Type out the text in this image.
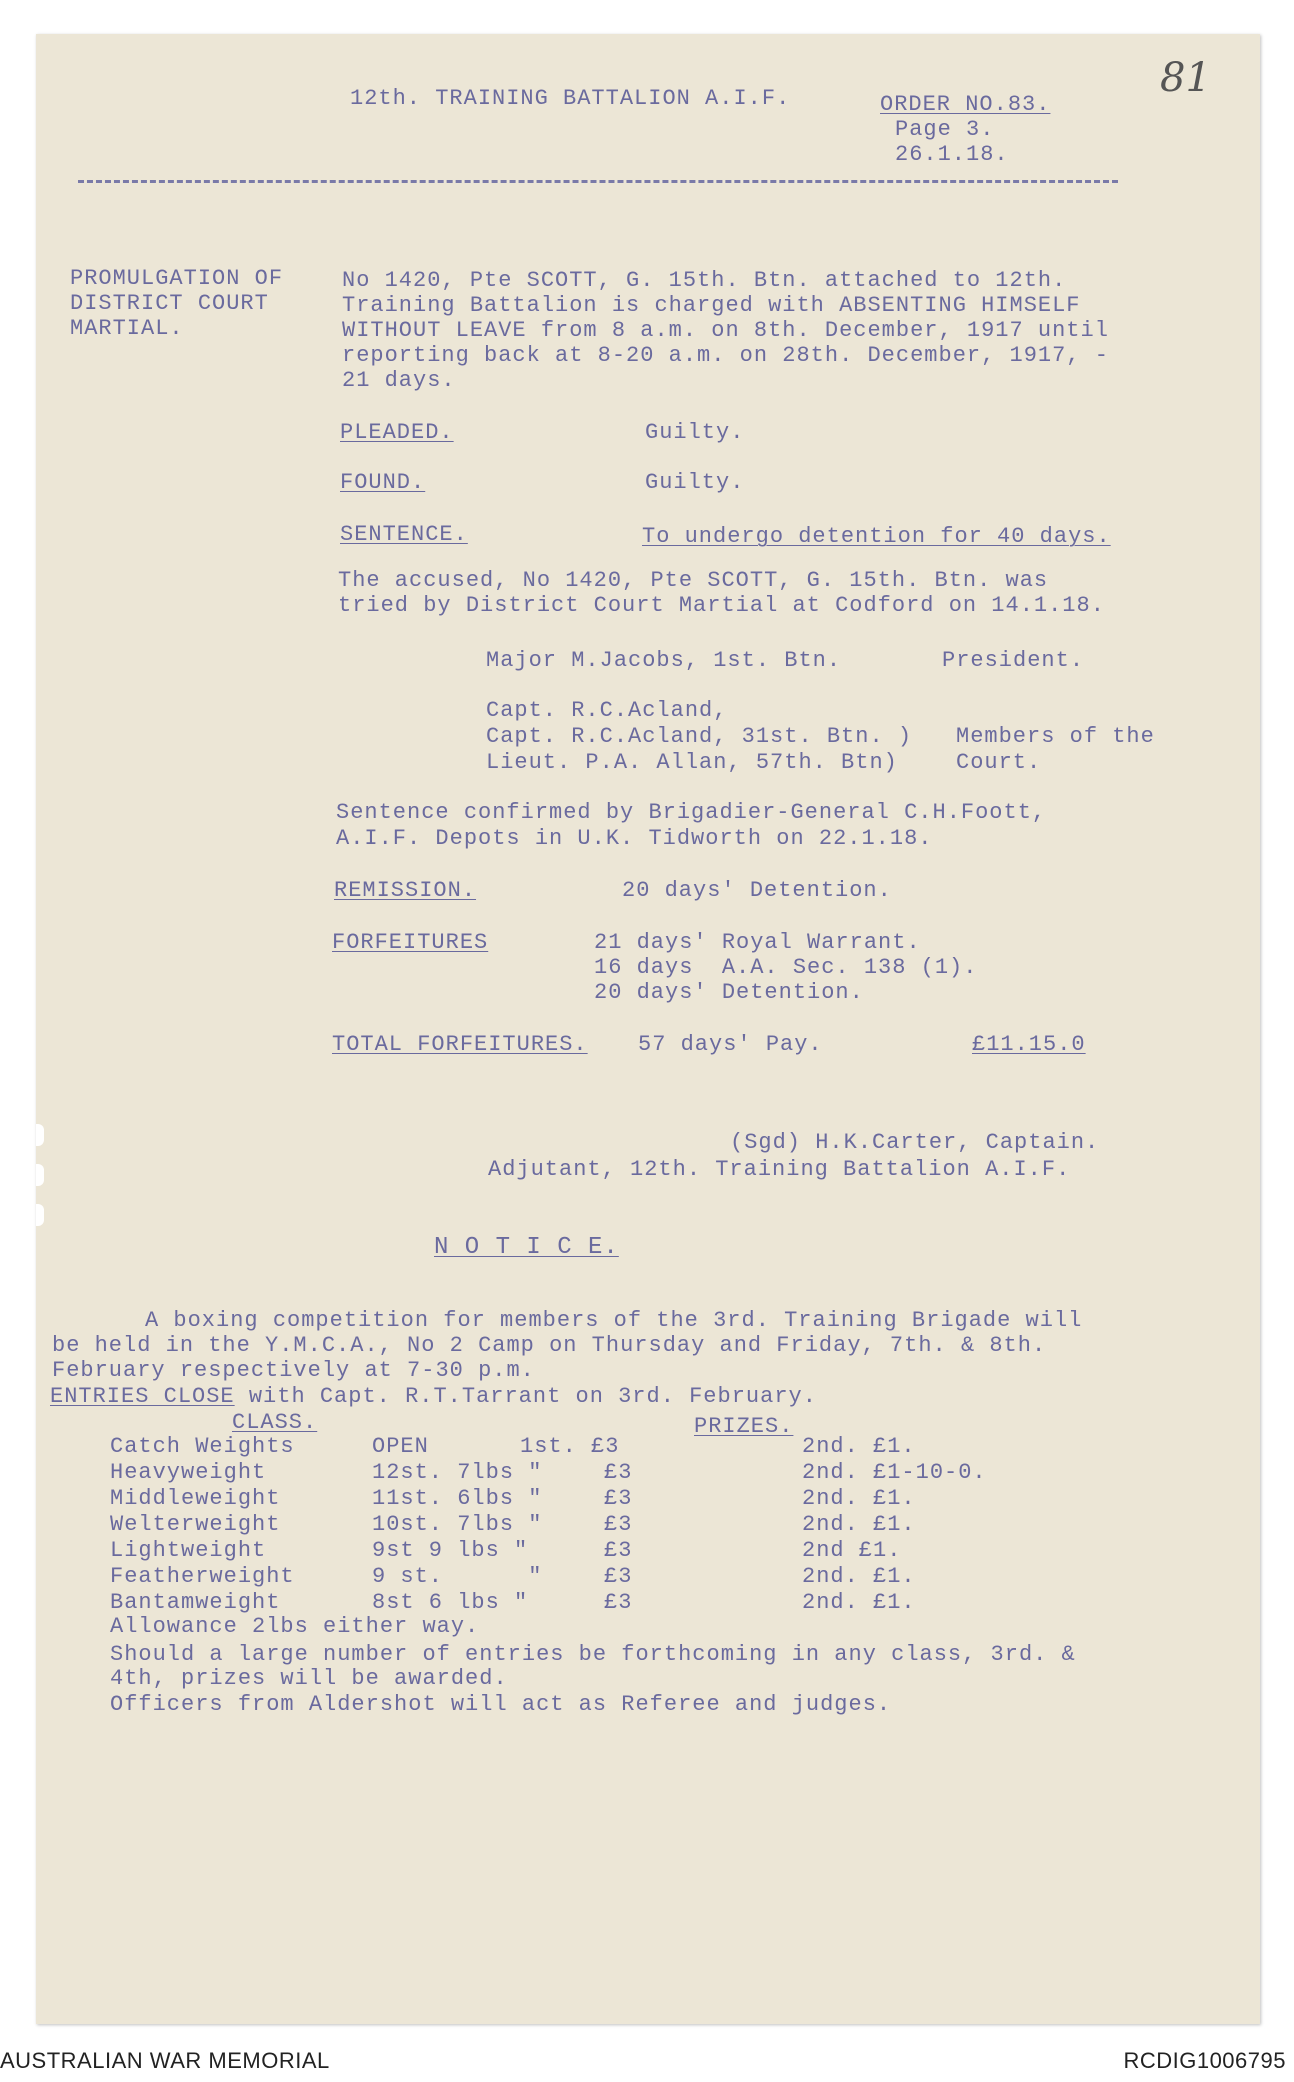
12th. TRAINING BATTALION A.I.F.	ORDER NO.83.
Page 3.
26.1.18.
81
PROMULGATION OF
DISTRICT COURT
MARTIAL.
No 1420, Pte SCOTT, G. 15th. Btn. attached to 12th.
Training Battalion is charged with ABSENTING HIMSELF
WITHOUT LEAVE from 8 a.m. on 8th. December, 1917 until
reporting back at 8-20 a.m. on 28th. December, 1917, -
21 days.
PLEADED.	Guilty.
FOUND.	Guilty.
SENTENCE.	To undergo detention for 40 days.
The accused, No 1420, Pte SCOTT, G. 15th. Btn. was
tried by District Court Martial at Codford on 14.1.18.
Major M.Jacobs, 1st. Btn.	President.
Capt. R.C.Acland,
Capt. R.C.Acland, 31st. Btn. )
Lieut. P.A. Allan, 57th. Btn)
Members of the
Court.
Sentence confirmed by Brigadier-General C.H.Foott,
A.I.F. Depots in U.K. Tidworth on 22.1.18.
REMISSION.	20 days' Detention.
FORFEITURES	21 days' Royal Warrant.
16 days  A.A. Sec. 138 (1).
20 days' Detention.
TOTAL FORFEITURES. 57 days' Pay.	£11.15.0
(Sgd) H.K.Carter, Captain.
Adjutant, 12th. Training Battalion A.I.F.
N O T I C E.
A boxing competition for members of the 3rd. Training Brigade will
be held in the Y.M.C.A., No 2 Camp on Thursday and Friday, 7th. & 8th.
February respectively at 7-30 p.m.
ENTRIES CLOSE with Capt. R.T.Tarrant on 3rd. February.
CLASS.	PRIZES.
Catch Weights	OPEN	1st. £3	2nd. £1.
Heavyweight	12st. 7lbs "	£3	2nd. £1-10-0.
Middleweight	11st. 6lbs "	£3	2nd. £1.
Welterweight	10st. 7lbs "	£3	2nd. £1.
Lightweight	9st 9 lbs "	£3	2nd £1.
Featherweight	9 st.      "	£3	2nd. £1.
Bantamweight	8st 6 lbs "	£3	2nd. £1.
Allowance 2lbs either way.
Should a large number of entries be forthcoming in any class, 3rd. &
4th, prizes will be awarded.
Officers from Aldershot will act as Referee and judges.
AUSTRALIAN WAR MEMORIAL	RCDIG1006795
